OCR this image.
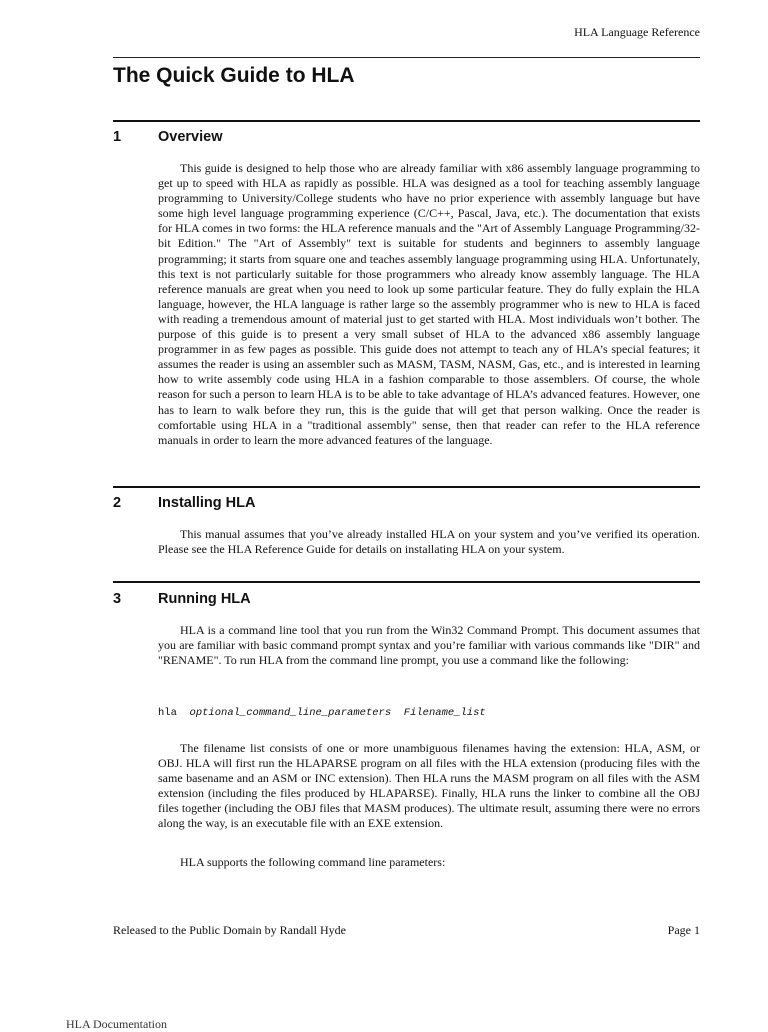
HLA Language Reference
The Quick Guide to HLA
1	Overview

This guide is designed to help those who are already familiar with x86 assembly language programming to get up to speed with HLA as rapidly as possible. HLA was designed as a tool for teaching assembly language programming to University/College students who have no prior experience with assembly language but have some high level language programming experience (C/C++, Pascal, Java, etc.). The documentation that exists for HLA comes in two forms: the HLA reference manuals and the "Art of Assembly Language Programming/32-bit Edition." The "Art of Assembly" text is suitable for students and beginners to assembly language programming; it starts from square one and teaches assembly language programming using HLA. Unfortunately, this text is not particularly suitable for those programmers who already know assembly language. The HLA reference manuals are great when you need to look up some particular feature. They do fully explain the HLA language, however, the HLA language is rather large so the assembly programmer who is new to HLA is faced with reading a tremendous amount of material just to get started with HLA. Most individuals won’t bother. The purpose of this guide is to present a very small subset of HLA to the advanced x86 assembly language programmer in as few pages as possible. This guide does not attempt to teach any of HLA’s special features; it assumes the reader is using an assembler such as MASM, TASM, NASM, Gas, etc., and is interested in learning how to write assembly code using HLA in a fashion comparable to those assemblers. Of course, the whole reason for such a person to learn HLA is to be able to take advantage of HLA’s advanced features. However, one has to learn to walk before they run, this is the guide that will get that person walking. Once the reader is comfortable using HLA in a "traditional assembly" sense, then that reader can refer to the HLA reference manuals in order to learn the more advanced features of the language.

2	Installing HLA

This manual assumes that you’ve already installed HLA on your system and you’ve verified its operation. Please see the HLA Reference Guide for details on installating HLA on your system.

3	Running HLA

HLA is a command line tool that you run from the Win32 Command Prompt. This document assumes that you are familiar with basic command prompt syntax and you’re familiar with various commands like "DIR" and "RENAME". To run HLA from the command line prompt, you use a command like the following:

hla optional_command_line_parameters Filename_list

The filename list consists of one or more unambiguous filenames having the extension: HLA, ASM, or OBJ. HLA will first run the HLAPARSE program on all files with the HLA extension (producing files with the same basename and an ASM or INC extension). Then HLA runs the MASM program on all files with the ASM extension (including the files produced by HLAPARSE). Finally, HLA runs the linker to combine all the OBJ files together (including the OBJ files that MASM produces). The ultimate result, assuming there were no errors along the way, is an executable file with an EXE extension.

HLA supports the following command line parameters:

Released to the Public Domain by Randall Hyde	Page 1
HLA Documentation
